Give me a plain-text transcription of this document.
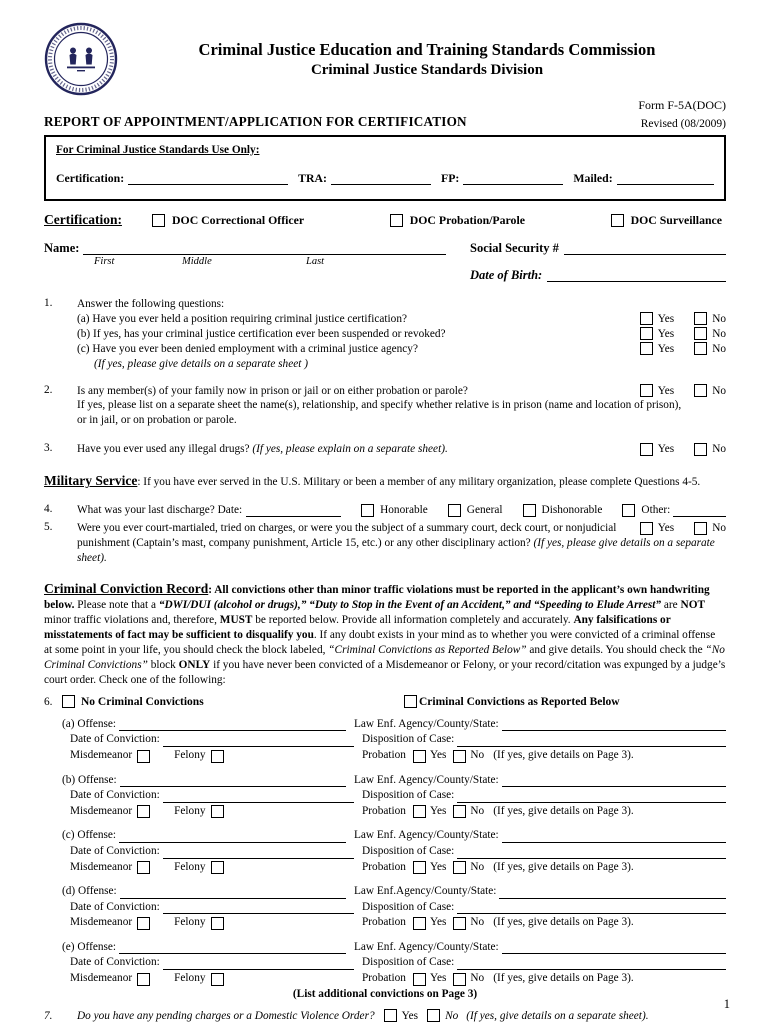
Criminal Justice Education and Training Standards Commission
Criminal Justice Standards Division
Form F-5A(DOC)
REPORT OF APPOINTMENT/APPLICATION FOR CERTIFICATION	Revised (08/2009)
For Criminal Justice Standards Use Only:
Certification:	TRA:	FP:	Mailed:
Certification:	DOC Correctional Officer	DOC Probation/Parole	DOC Surveillance
Name:
First	Middle	Last
Social Security #
Date of Birth:
1.	Answer the following questions:
(a) Have you ever held a position requiring criminal justice certification?	Yes	No
(b) If yes, has your criminal justice certification ever been suspended or revoked?	Yes	No
(c) Have you ever been denied employment with a criminal justice agency?	Yes	No
(If yes, please give details on a separate sheet )
2.	Is any member(s) of your family now in prison or jail or on either probation or parole?	Yes	No
If yes, please list on a separate sheet the name(s), relationship, and specify whether relative is in prison (name and location of prison), or in jail, or on probation or parole.
3.	Have you ever used any illegal drugs? (If yes, please explain on a separate sheet).	Yes	No
Military Service: If you have ever served in the U.S. Military or been a member of any military organization, please complete Questions 4-5.
4.	What was your last discharge? Date:	Honorable	General	Dishonorable	Other:
5.	Were you ever court-martialed, tried on charges, or were you the subject of a summary court, deck court, or nonjudicial	Yes	No
punishment (Captain’s mast, company punishment, Article 15, etc.) or any other disciplinary action? (If yes, please give details on a separate sheet).
Criminal Conviction Record: All convictions other than minor traffic violations must be reported in the applicant’s own handwriting below. Please note that a “DWI/DUI (alcohol or drugs),” “Duty to Stop in the Event of an Accident,” and “Speeding to Elude Arrest” are NOT minor traffic violations and, therefore, MUST be reported below. Provide all information completely and accurately. Any falsifications or misstatements of fact may be sufficient to disqualify you. If any doubt exists in your mind as to whether you were convicted of a criminal offense at some point in your life, you should check the block labeled, “Criminal Convictions as Reported Below” and give details. You should check the “No Criminal Convictions” block ONLY if you have never been convicted of a Misdemeanor or Felony, or your record/citation was expunged by a judge’s court order. Check one of the following:
6.	No Criminal Convictions	Criminal Convictions as Reported Below
(a) Offense:	Law Enf. Agency/County/State:
Date of Conviction:	Disposition of Case:
Misdemeanor	Felony	Probation Yes No (If yes, give details on Page 3).
(b) Offense:	Law Enf. Agency/County/State:
Date of Conviction:	Disposition of Case:
Misdemeanor	Felony	Probation Yes No (If yes, give details on Page 3).
(c) Offense:	Law Enf. Agency/County/State:
Date of Conviction:	Disposition of Case:
Misdemeanor	Felony	Probation Yes No (If yes, give details on Page 3).
(d) Offense:	Law Enf.Agency/County/State:
Date of Conviction:	Disposition of Case:
Misdemeanor	Felony	Probation Yes No (If yes, give details on Page 3).
(e) Offense:	Law Enf. Agency/County/State:
Date of Conviction:	Disposition of Case:
Misdemeanor	Felony	Probation Yes No (If yes, give details on Page 3).
(List additional convictions on Page 3)
7.	Do you have any pending charges or a Domestic Violence Order? Yes No (If yes, give details on a separate sheet).
1
